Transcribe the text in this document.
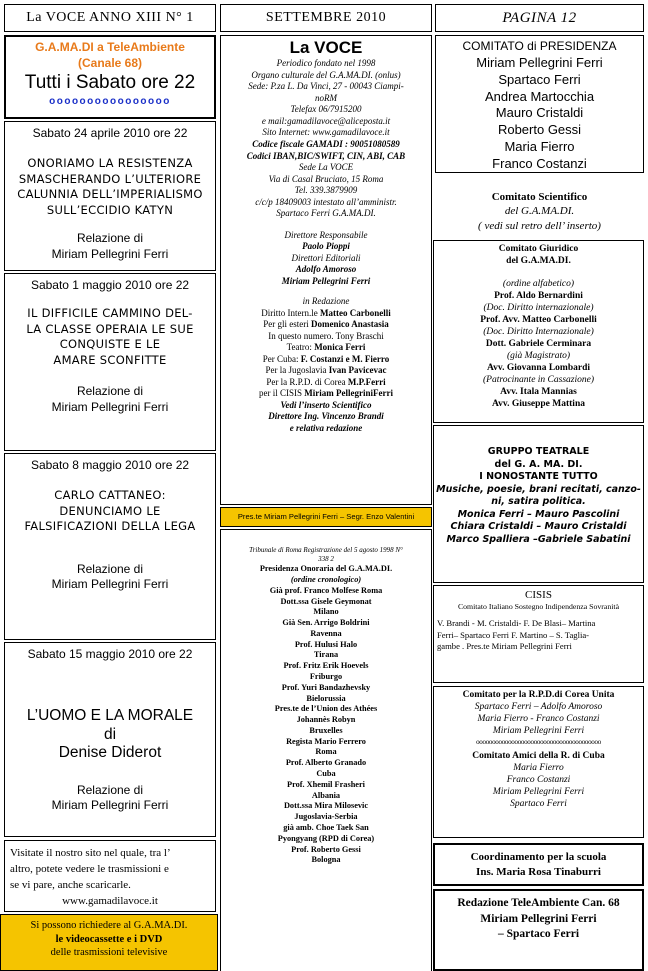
La VOCE ANNO XIII N° 1	SETTEMBRE 2010	PAGINA 12
G.A.MA.DI a TeleAmbiente
(Canale 68)
Tutti i Sabato ore 22
oooooooooooooooo
Sabato 24 aprile 2010 ore 22
ONORIAMO LA RESISTENZA
SMASCHERANDO L’ULTERIORE
CALUNNIA DELL’IMPERIALISMO
SULL’ECCIDIO KATYN
Relazione di
Miriam Pellegrini Ferri
Sabato 1 maggio 2010 ore 22
IL DIFFICILE CAMMINO DEL-
LA CLASSE OPERAIA LE SUE
CONQUISTE E LE
AMARE SCONFITTE
Relazione di
Miriam Pellegrini Ferri
Sabato 8 maggio 2010 ore 22
CARLO CATTANEO:
DENUNCIAMO LE
FALSIFICAZIONI DELLA LEGA
Relazione di
Miriam Pellegrini Ferri
Sabato 15 maggio 2010 ore 22
L’UOMO E LA MORALE
di
Denise Diderot
Relazione di
Miriam Pellegrini Ferri
Visitate il nostro sito nel quale, tra l’
altro, potete vedere le trasmissioni e
se vi pare, anche scaricarle.
www.gamadilavoce.it
Si possono richiedere al G.A.MA.DI.
le videocassette e i DVD
delle trasmissioni televisive
La VOCE
Periodico fondato nel 1998
Organo culturale del G.A.MA.DI. (onlus)
Sede: P.za L. Da Vinci, 27 - 00043 Ciampi-
noRM
Telefax 06/7915200
e mail:gamadilavoce@aliceposta.it
Sito Internet: www.gamadilavoce.it
Codice fiscale GAMADI : 90051080589
Codici IBAN,BIC/SWIFT, CIN, ABI, CAB
Sede La VOCE
Via di Casal Bruciato, 15 Roma
Tel. 339.3879909
c/c/p 18409003 intestato all’amministr.
Spartaco Ferri G.A.MA.DI.
Direttore Responsabile
Paolo Pioppi
Direttori Editoriali
Adolfo Amoroso
Miriam Pellegrini Ferri
in Redazione
Diritto Intern.le Matteo Carbonelli
Per gli esteri Domenico Anastasia
In questo numero. Tony Braschi
Teatro: Monica Ferri
Per Cuba: F. Costanzi e M. Fierro
Per la Jugoslavia Ivan Pavicevac
Per la R.P.D. di Corea M.P.Ferri
per il CISIS Miriam PellegriniFerri
Vedi l’inserto Scientifico
Direttore Ing. Vincenzo Brandi
e relativa redazione
Pres.te Miriam Pellegrini Ferri – Segr. Enzo Valentini
Tribunale di Roma Registrazione del 5 agosto 1998 N°
338 2
Presidenza Onoraria del G.A.MA.DI.
(ordine cronologico)
Già prof. Franco Molfese Roma
Dott.ssa Gisele Geymonat
Milano
Già Sen. Arrigo Boldrini
Ravenna
Prof. Hulusi Halo
Tirana
Prof. Fritz Erik Hoevels
Friburgo
Prof. Yuri Bandazhevsky
Bielorussia
Pres.te de l’Union des Athées
Johannès Robyn
Bruxelles
Regista Mario Ferrero
Roma
Prof. Alberto Granado
Cuba
Prof. Xhemil Frasheri
Albania
Dott.ssa Mira Milosevic
Jugoslavia-Serbia
già amb. Choe Taek San
Pyongyang (RPD di Corea)
Prof. Roberto Gessi
Bologna
COMITATO di PRESIDENZA
Miriam Pellegrini Ferri
Spartaco Ferri
Andrea Martocchia
Mauro Cristaldi
Roberto Gessi
Maria Fierro
Franco Costanzi
Comitato Scientifico
del G.A.MA.DI.
( vedi sul retro dell’ inserto)
Comitato Giuridico
del G.A.MA.DI.
(ordine alfabetico)
Prof. Aldo Bernardini
(Doc. Diritto internazionale)
Prof. Avv. Matteo Carbonelli
(Doc. Diritto Internazionale)
Dott. Gabriele Cerminara
(già Magistrato)
Avv. Giovanna Lombardi
(Patrocinante in Cassazione)
Avv. Itala Mannias
Avv. Giuseppe Mattina
GRUPPO TEATRALE
del G. A. MA. DI.
I NONOSTANTE TUTTO
Musiche, poesie, brani recitati, canzo-
ni, satira politica.
Monica Ferri – Mauro Pascolini
Chiara Cristaldi – Mauro Cristaldi
Marco Spalliera –Gabriele Sabatini
CISIS
Comitato Italiano Sostegno Indipendenza Sovranità
V. Brandi - M. Cristaldi- F. De Blasi– Martina
Ferri– Spartaco Ferri F. Martino – S. Taglia-
gambe . Pres.te Miriam Pellegrini Ferri
Comitato per la R.P.D.di Corea Unita
Spartaco Ferri – Adolfo Amoroso
Maria Fierro - Franco Costanzi
Miriam Pellegrini Ferri
ooooooooooooooooooooooooooooooooooooooo
Comitato Amici della R. di Cuba
Maria Fierro
Franco Costanzi
Miriam Pellegrini Ferri
Spartaco Ferri
Coordinamento per la scuola
Ins. Maria Rosa Tinaburri
Redazione TeleAmbiente Can. 68
Miriam Pellegrini Ferri
– Spartaco Ferri
